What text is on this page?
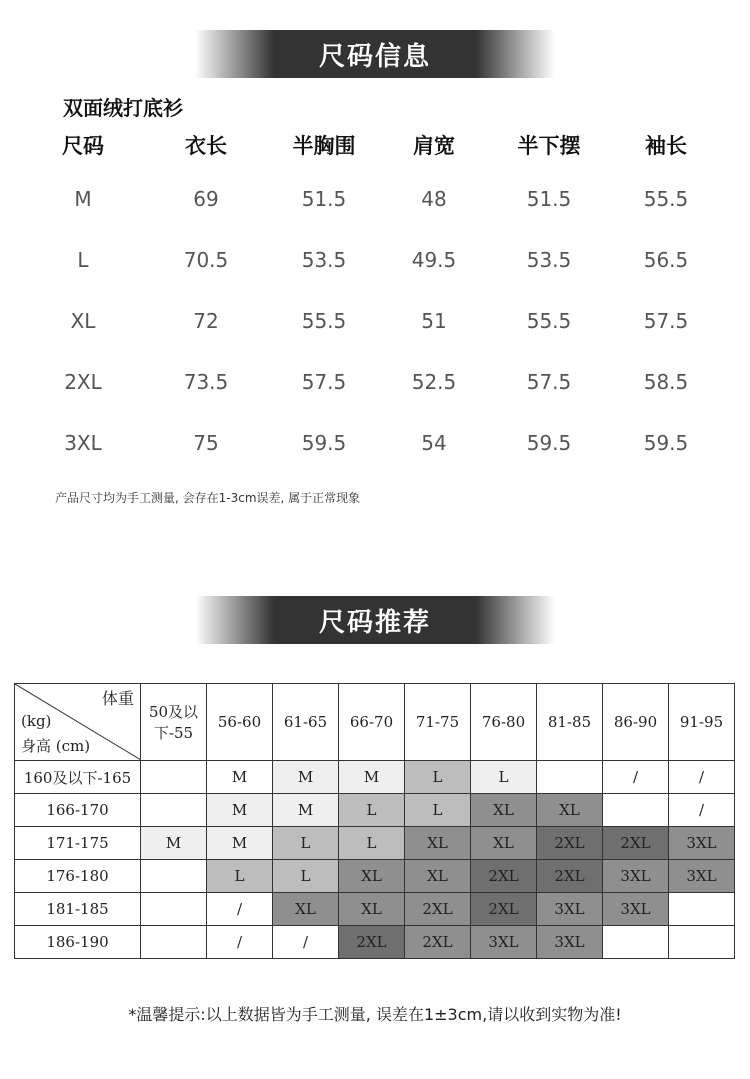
尺码信息
双面绒打底衫
尺码	衣长	半胸围	肩宽	半下摆	袖长
M	69	51.5	48	51.5	55.5
L	70.5	53.5	49.5	53.5	56.5
XL	72	55.5	51	55.5	57.5
2XL	73.5	57.5	52.5	57.5	58.5
3XL	75	59.5	54	59.5	59.5
产品尺寸均为手工测量, 会存在1-3cm误差, 属于正常现象
尺码推荐
体重
(kg)
身高 (cm)	50及以下-55	56-60	61-65	66-70	71-75	76-80	81-85	86-90	91-95
160及以下-165		M	M	M	L	L		/	/
166-170		M	M	L	L	XL	XL		/
171-175	M	M	L	L	XL	XL	2XL	2XL	3XL
176-180		L	L	XL	XL	2XL	2XL	3XL	3XL
181-185		/	XL	XL	2XL	2XL	3XL	3XL	
186-190		/	/	2XL	2XL	3XL	3XL		
*温馨提示:以上数据皆为手工测量, 误差在1±3cm,请以收到实物为准!
